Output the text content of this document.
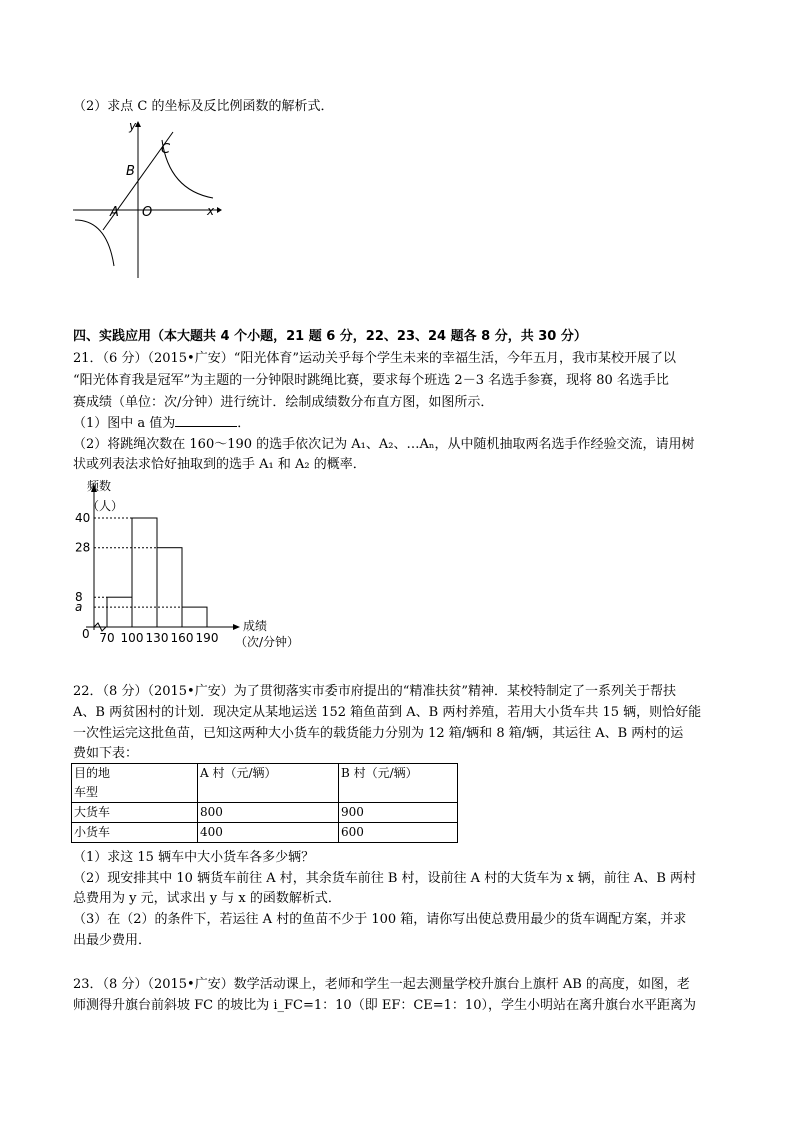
（2）求点 C 的坐标及反比例函数的解析式．
y
x
B
C
A O
四、实践应用（本大题共 4 个小题，21 题 6 分，22、23、24 题各 8 分，共 30 分）
21．（6 分）（2015•广安）“阳光体育”运动关乎每个学生未来的幸福生活，今年五月，我市某校开展了以
“阳光体育我是冠军”为主题的一分钟限时跳绳比赛，要求每个班选 2－3 名选手参赛，现将 80 名选手比
赛成绩（单位：次/分钟）进行统计．绘制成绩数分布直方图，如图所示．
（1）图中 a 值为	．
（2）将跳绳次数在 160～190 的选手依次记为 A₁、A₂、…Aₙ，从中随机抽取两名选手作经验交流，请用树
状或列表法求恰好抽取到的选手 A₁ 和 A₂ 的概率．
频数
（人）
成绩
（次/分钟）
40
28
8
a
0 70 100 130 160 190
22．（8 分）（2015•广安）为了贯彻落实市委市府提出的“精准扶贫”精神．某校特制定了一系列关于帮扶
A、B 两贫困村的计划．现决定从某地运送 152 箱鱼苗到 A、B 两村养殖，若用大小货车共 15 辆，则恰好能
一次性运完这批鱼苗，已知这两种大小货车的载货能力分别为 12 箱/辆和 8 箱/辆，其运往 A、B 两村的运
费如下表：
目的地
车型	A 村（元/辆）	B 村（元/辆）
大货车	800	900
小货车	400	600
（1）求这 15 辆车中大小货车各多少辆？
（2）现安排其中 10 辆货车前往 A 村，其余货车前往 B 村，设前往 A 村的大货车为 x 辆，前往 A、B 两村
总费用为 y 元，试求出 y 与 x 的函数解析式．
（3）在（2）的条件下，若运往 A 村的鱼苗不少于 100 箱，请你写出使总费用最少的货车调配方案，并求
出最少费用．
23．（8 分）（2015•广安）数学活动课上，老师和学生一起去测量学校升旗台上旗杆 AB 的高度，如图，老
师测得升旗台前斜坡 FC 的坡比为 i_FC=1：10（即 EF：CE=1：10），学生小明站在离升旗台水平距离为
